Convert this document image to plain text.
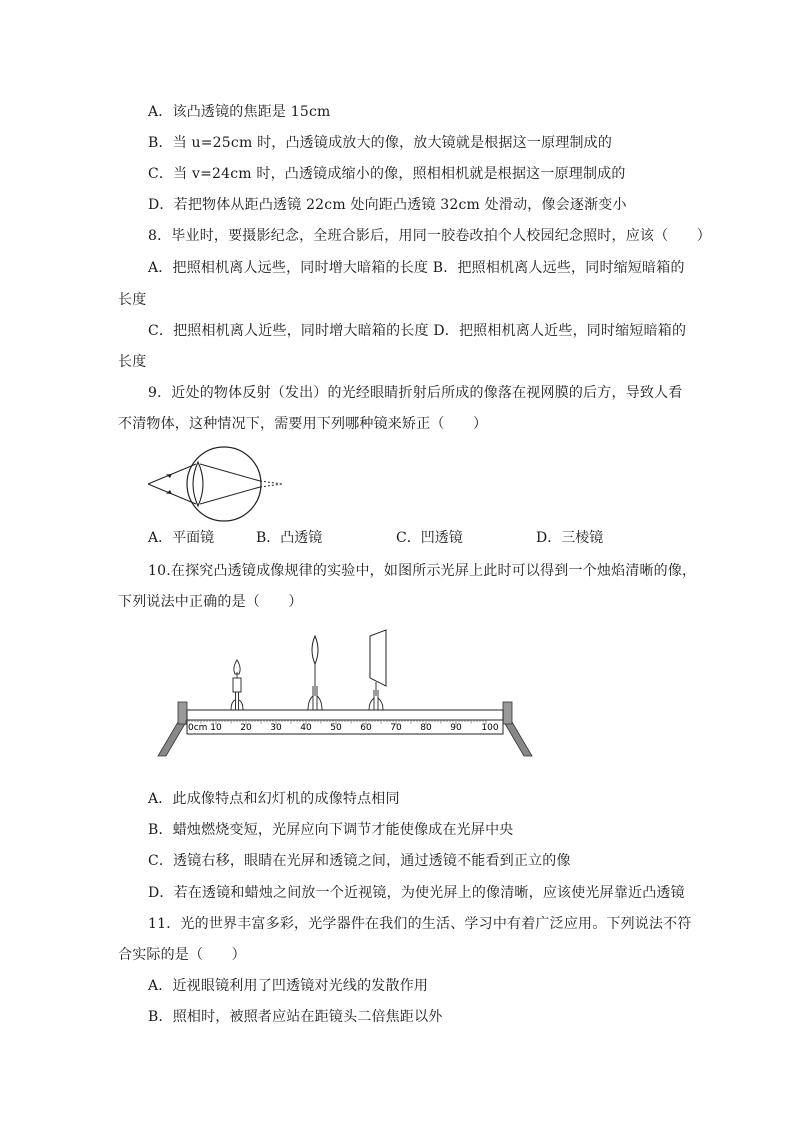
A．该凸透镜的焦距是 15cm
B．当 u=25cm 时，凸透镜成放大的像，放大镜就是根据这一原理制成的
C．当 v=24cm 时，凸透镜成缩小的像，照相相机就是根据这一原理制成的
D．若把物体从距凸透镜 22cm 处向距凸透镜 32cm 处滑动，像会逐渐变小
8．毕业时，要摄影纪念，全班合影后，用同一胶卷改拍个人校园纪念照时，应该（　　）
A．把照相机离人远些，同时增大暗箱的长度 B．把照相机离人远些，同时缩短暗箱的
长度
C．把照相机离人近些，同时增大暗箱的长度 D．把照相机离人近些，同时缩短暗箱的
长度
9．近处的物体反射（发出）的光经眼睛折射后所成的像落在视网膜的后方，导致人看
不清物体，这种情况下，需要用下列哪种镜来矫正（　　）
A．平面镜	B．凸透镜	C．凹透镜	D．三棱镜
10.在探究凸透镜成像规律的实验中，如图所示光屏上此时可以得到一个烛焰清晰的像，
下列说法中正确的是（　　）
0cm 10 20 30 40 50 60 70 80 90 100
A．此成像特点和幻灯机的成像特点相同
B．蜡烛燃烧变短，光屏应向下调节才能使像成在光屏中央
C．透镜右移，眼睛在光屏和透镜之间，通过透镜不能看到正立的像
D．若在透镜和蜡烛之间放一个近视镜，为使光屏上的像清晰，应该使光屏靠近凸透镜
11．光的世界丰富多彩，光学器件在我们的生活、学习中有着广泛应用。下列说法不符
合实际的是（　　）
A．近视眼镜利用了凹透镜对光线的发散作用
B．照相时，被照者应站在距镜头二倍焦距以外
